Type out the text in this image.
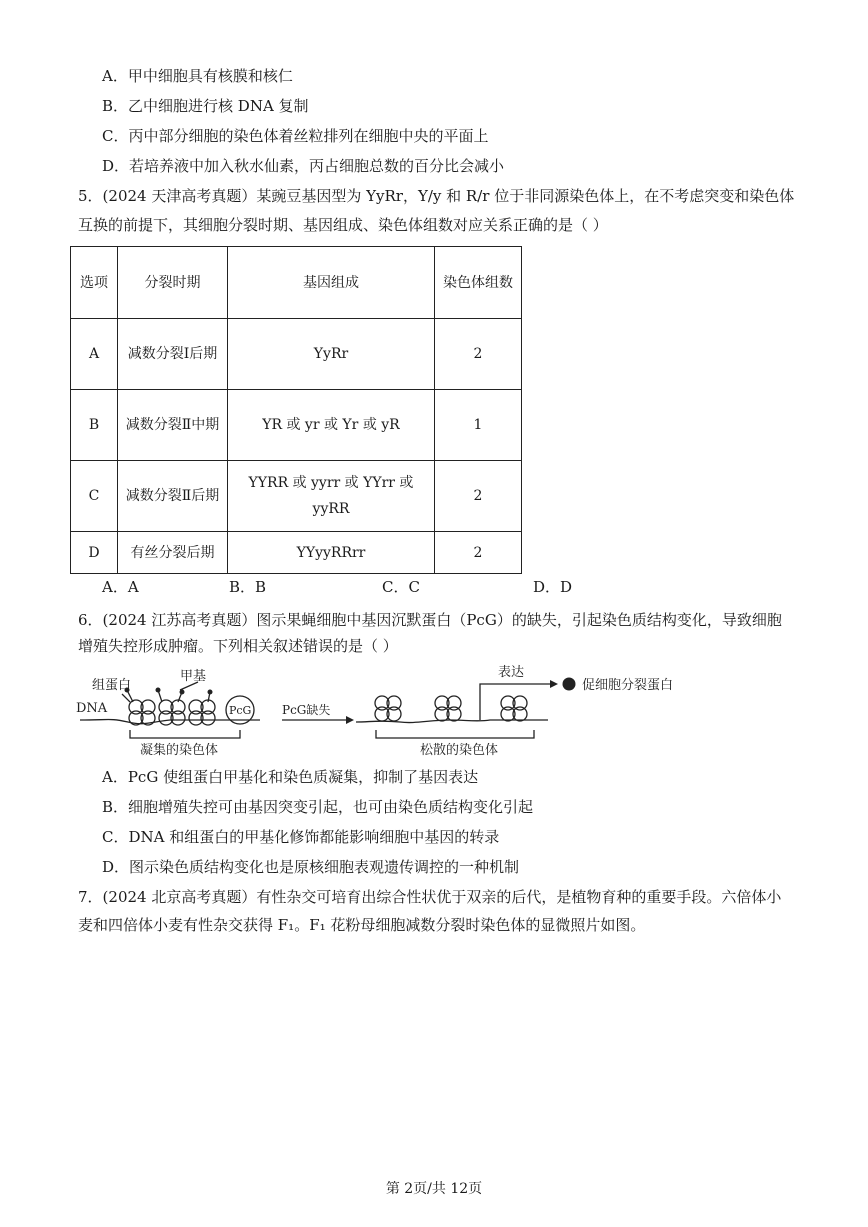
A．甲中细胞具有核膜和核仁
B．乙中细胞进行核 DNA 复制
C．丙中部分细胞的染色体着丝粒排列在细胞中央的平面上
D．若培养液中加入秋水仙素，丙占细胞总数的百分比会减小
5．(2024 天津高考真题）某豌豆基因型为 YyRr，Y/y 和 R/r 位于非同源染色体上，在不考虑突变和染色体
互换的前提下，其细胞分裂时期、基因组成、染色体组数对应关系正确的是（ ）
选项	分裂时期	基因组成	染色体组数
A	减数分裂Ⅰ后期	YyRr	2
B	减数分裂Ⅱ中期	YR 或 yr 或 Yr 或 yR	1
C	减数分裂Ⅱ后期	YYRR 或 yyrr 或 YYrr 或 yyRR	2
D	有丝分裂后期	YYyyRRrr	2
A．A	B．B	C．C	D．D
6．(2024 江苏高考真题）图示果蝇细胞中基因沉默蛋白（PcG）的缺失，引起染色质结构变化，导致细胞
增殖失控形成肿瘤。下列相关叙述错误的是（ ）
组蛋白
甲基
DNA	PcG	PcG缺失
凝集的染色体
表达
促细胞分裂蛋白
松散的染色体
A．PcG 使组蛋白甲基化和染色质凝集，抑制了基因表达
B．细胞增殖失控可由基因突变引起，也可由染色质结构变化引起
C．DNA 和组蛋白的甲基化修饰都能影响细胞中基因的转录
D．图示染色质结构变化也是原核细胞表观遗传调控的一种机制
7．(2024 北京高考真题）有性杂交可培育出综合性状优于双亲的后代，是植物育种的重要手段。六倍体小
麦和四倍体小麦有性杂交获得 F₁。F₁ 花粉母细胞减数分裂时染色体的显微照片如图。
第 2页/共 12页
